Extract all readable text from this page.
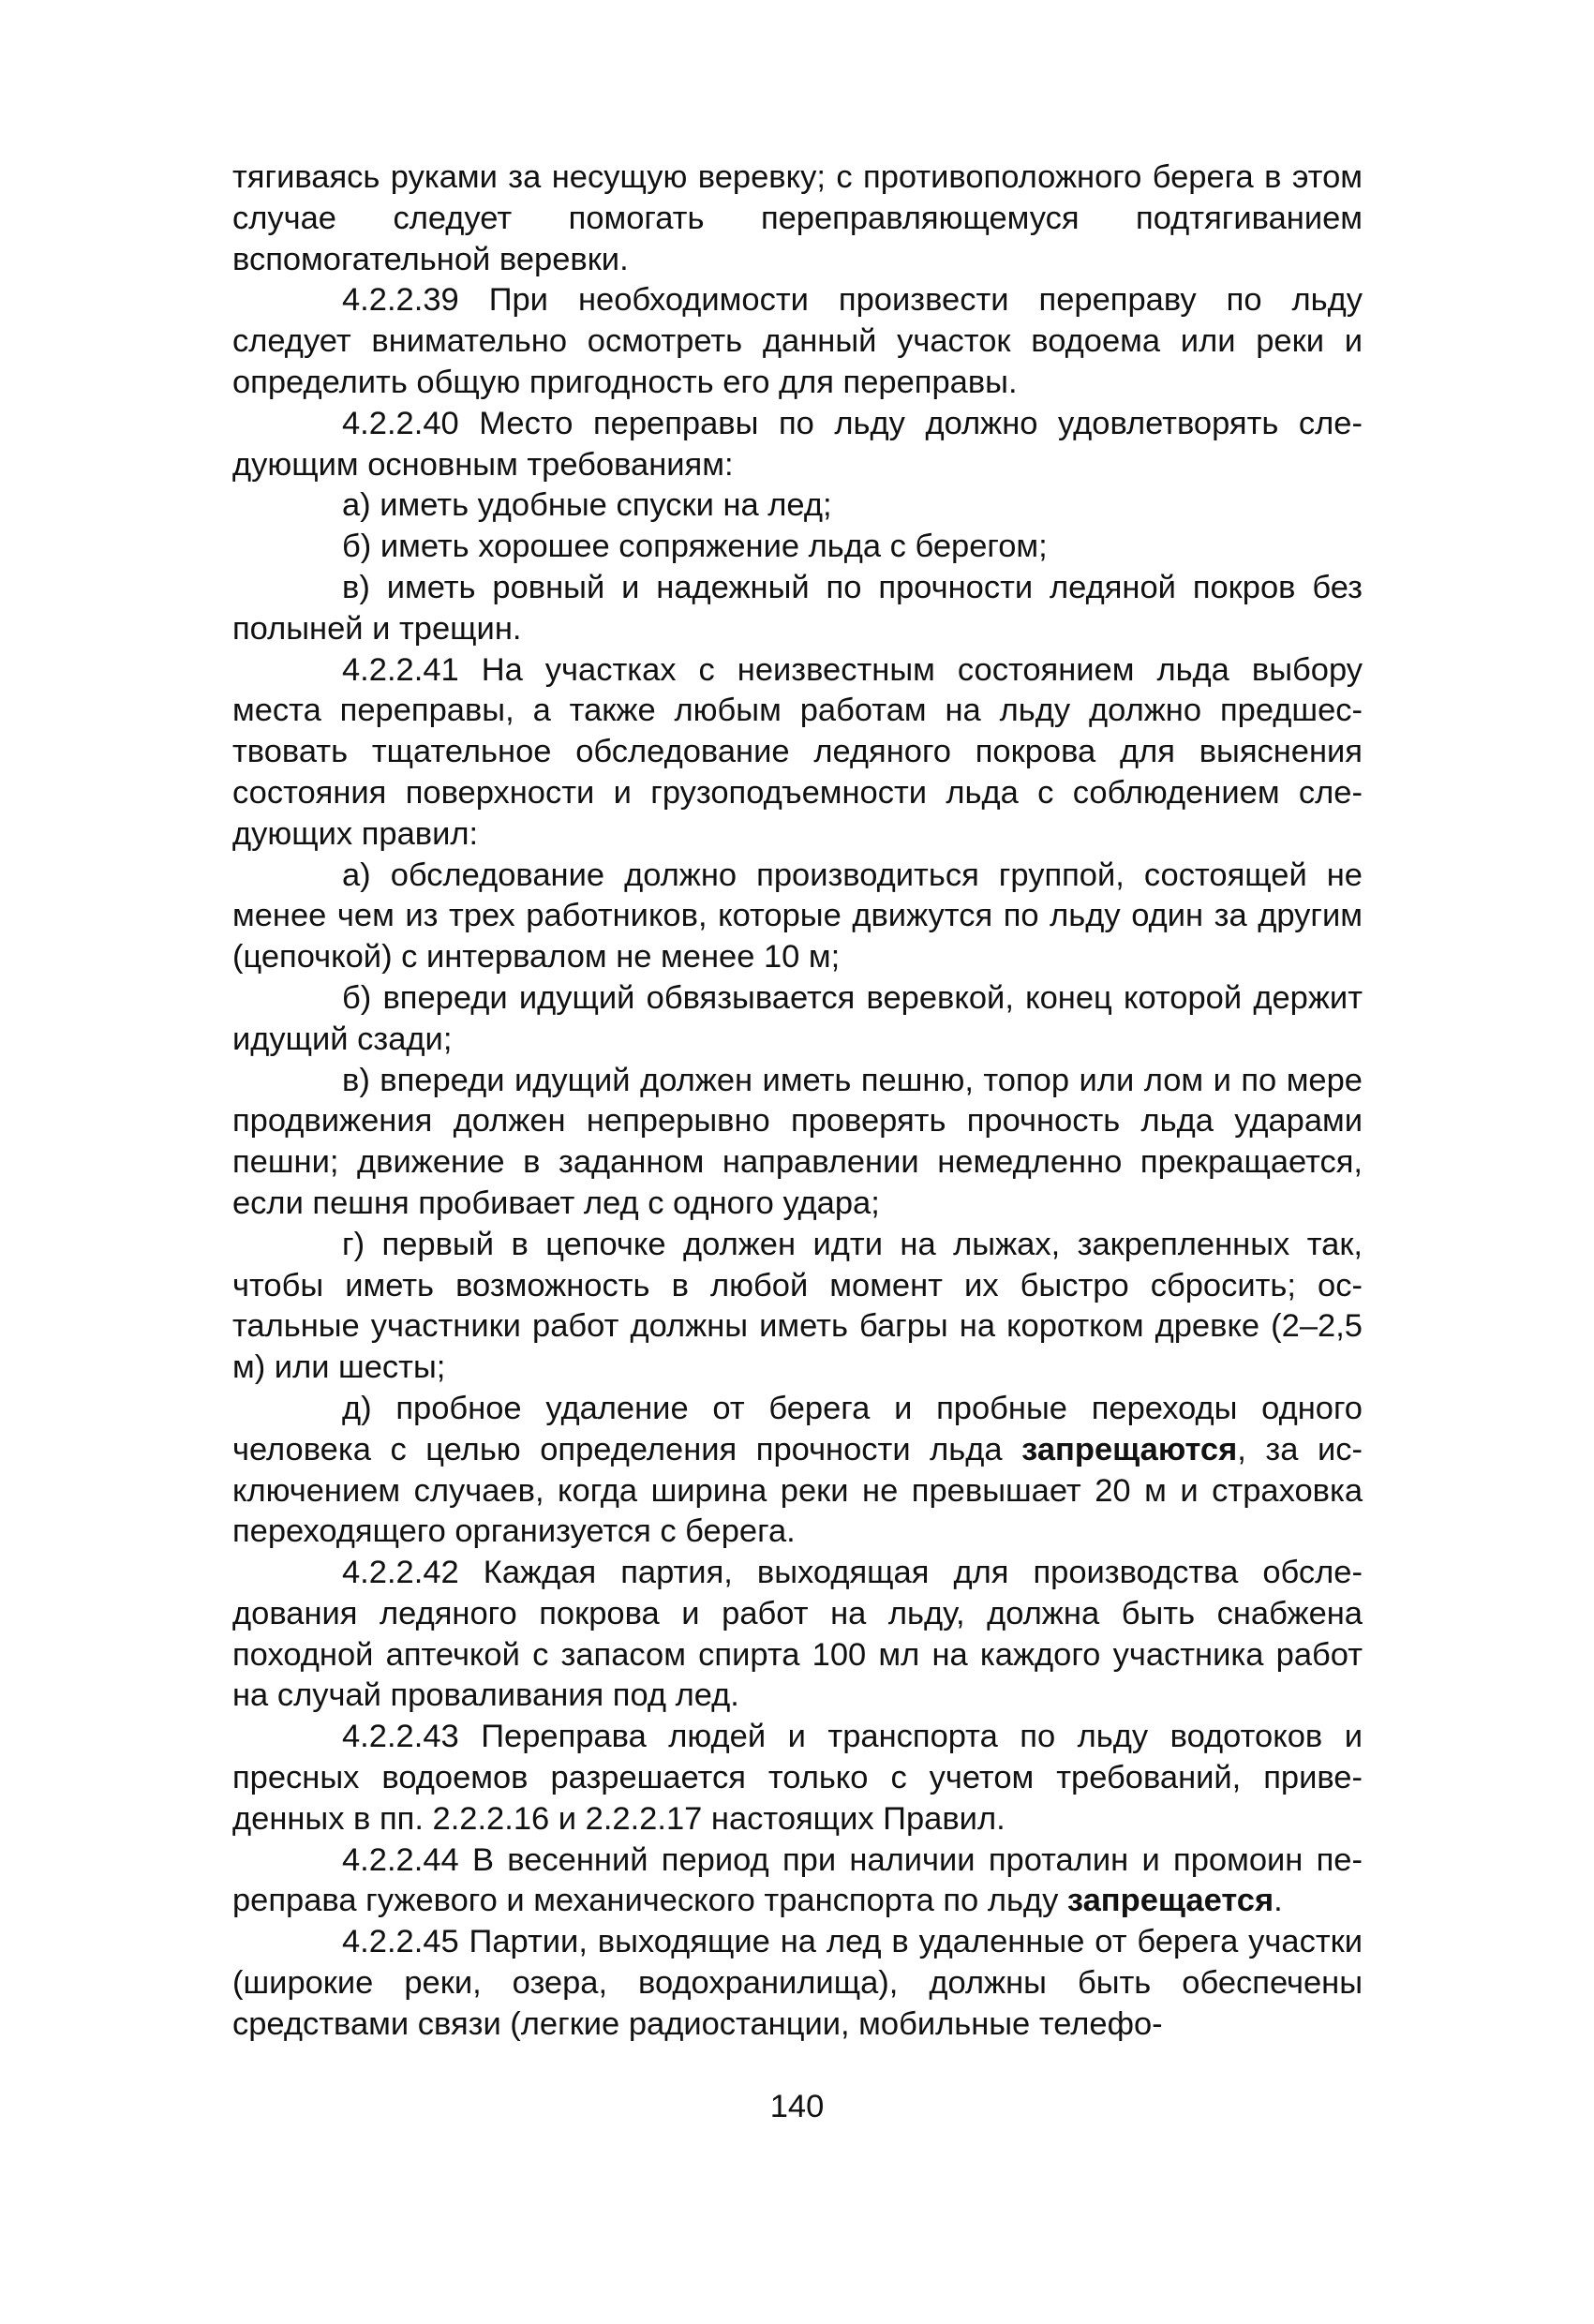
тягиваясь руками за несущую веревку; с противоположного берега в этом случае следует помогать переправляющемуся подтягиванием вспомогательной веревки.

4.2.2.39 При необходимости произвести переправу по льду следует внимательно осмотреть данный участок водоема или реки и определить общую пригодность его для переправы.

4.2.2.40 Место переправы по льду должно удовлетворять следующим основным требованиям:

а) иметь удобные спуски на лед;

б) иметь хорошее сопряжение льда с берегом;

в) иметь ровный и надежный по прочности ледяной покров без полыней и трещин.

4.2.2.41 На участках с неизвестным состоянием льда выбору места переправы, а также любым работам на льду должно предшествовать тщательное обследование ледяного покрова для выяснения состояния поверхности и грузоподъемности льда с соблюдением следующих правил:

а) обследование должно производиться группой, состоящей не менее чем из трех работников, которые движутся по льду один за другим (цепочкой) с интервалом не менее 10 м;

б) впереди идущий обвязывается веревкой, конец которой держит идущий сзади;

в) впереди идущий должен иметь пешню, топор или лом и по мере продвижения должен непрерывно проверять прочность льда ударами пешни; движение в заданном направлении немедленно прекращается, если пешня пробивает лед с одного удара;

г) первый в цепочке должен идти на лыжах, закрепленных так, чтобы иметь возможность в любой момент их быстро сбросить; остальные участники работ должны иметь багры на коротком древке (2–2,5 м) или шесты;

д) пробное удаление от берега и пробные переходы одного человека с целью определения прочности льда запрещаются, за исключением случаев, когда ширина реки не превышает 20 м и страховка переходящего организуется с берега.

4.2.2.42 Каждая партия, выходящая для производства обследования ледяного покрова и работ на льду, должна быть снабжена походной аптечкой с запасом спирта 100 мл на каждого участника работ на случай проваливания под лед.

4.2.2.43 Переправа людей и транспорта по льду водотоков и пресных водоемов разрешается только с учетом требований, приведенных в пп. 2.2.2.16 и 2.2.2.17 настоящих Правил.

4.2.2.44 В весенний период при наличии проталин и промоин переправа гужевого и механического транспорта по льду запрещается.

4.2.2.45 Партии, выходящие на лед в удаленные от берега участки (широкие реки, озера, водохранилища), должны быть обеспечены средствами связи (легкие радиостанции, мобильные телефо-

140
